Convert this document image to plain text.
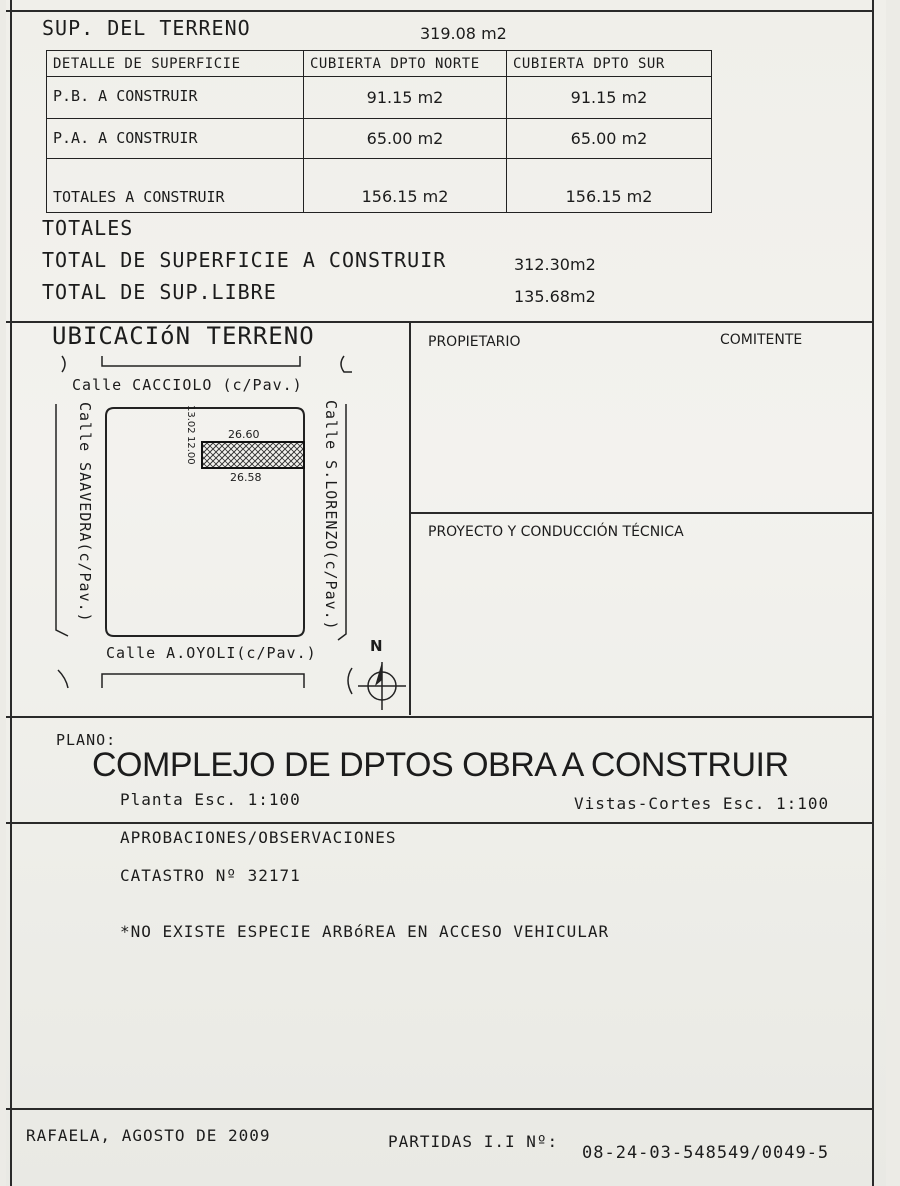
SUP. DEL TERRENO	319.08 m2
DETALLE DE SUPERFICIE	CUBIERTA DPTO NORTE	CUBIERTA DPTO SUR
P.B. A CONSTRUIR	91.15 m2	91.15 m2
P.A. A CONSTRUIR	65.00 m2	65.00 m2
TOTALES A CONSTRUIR	156.15 m2	156.15 m2
TOTALES
TOTAL DE SUPERFICIE A CONSTRUIR	312.30m2
TOTAL DE SUP.LIBRE	135.68m2
UBICACIóN TERRENO
Calle CACCIOLO (c/Pav.)
Calle A.OYOLI(c/Pav.)
Calle SAAVEDRA(c/Pav.)	Calle S.LORENZO(c/Pav.)
26.60
26.58
13.02
12.00
N
PROPIETARIO	COMITENTE
PROYECTO Y CONDUCCIÓN TÉCNICA
PLANO:
COMPLEJO DE DPTOS OBRA A CONSTRUIR
Planta Esc. 1:100	Vistas-Cortes Esc. 1:100
APROBACIONES/OBSERVACIONES
CATASTRO Nº 32171
*NO EXISTE ESPECIE ARBóREA EN ACCESO VEHICULAR
RAFAELA, AGOSTO DE 2009	PARTIDAS I.I Nº:
08-24-03-548549/0049-5
